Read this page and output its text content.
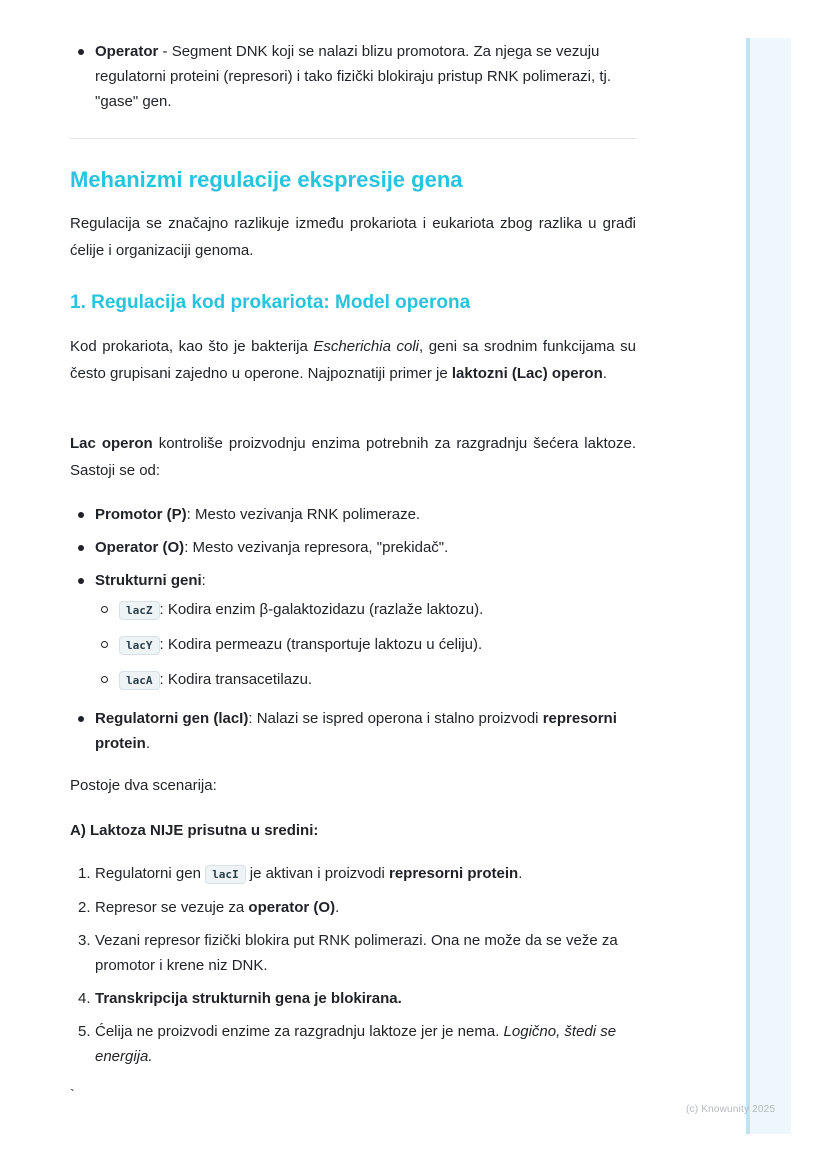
Operator - Segment DNK koji se nalazi blizu promotora. Za njega se vezuju regulatorni proteini (represori) i tako fizički blokiraju pristup RNK polimerazi, tj. "gase" gen.
Mehanizmi regulacije ekspresije gena

Regulacija se značajno razlikuje između prokariota i eukariota zbog razlika u građi ćelije i organizaciji genoma.

1. Regulacija kod prokariota: Model operona

Kod prokariota, kao što je bakterija Escherichia coli, geni sa srodnim funkcijama su često grupisani zajedno u operone. Najpoznatiji primer je laktozni (Lac) operon.

Lac operon kontroliše proizvodnju enzima potrebnih za razgradnju šećera laktoze. Sastoji se od:

Promotor (P): Mesto vezivanja RNK polimeraze.
Operator (O): Mesto vezivanja represora, "prekidač".
Strukturni geni:
lacZ : Kodira enzim β-galaktozidazu (razlaže laktozu).
lacY : Kodira permeazu (transportuje laktozu u ćeliju).
lacA : Kodira transacetilazu.
Regulatorni gen (lacI): Nalazi se ispred operona i stalno proizvodi represorni protein.

Postoje dva scenarija:

A) Laktoza NIJE prisutna u sredini:

1. Regulatorni gen lacI je aktivan i proizvodi represorni protein.
2. Represor se vezuje za operator (O).
3. Vezani represor fizički blokira put RNK polimerazi. Ona ne može da se veže za promotor i krene niz DNK.
4. Transkripcija strukturnih gena je blokirana.
5. Ćelija ne proizvodi enzime za razgradnju laktoze jer je nema. Logično, štedi se energija.
`
(c) Knowunity 2025
